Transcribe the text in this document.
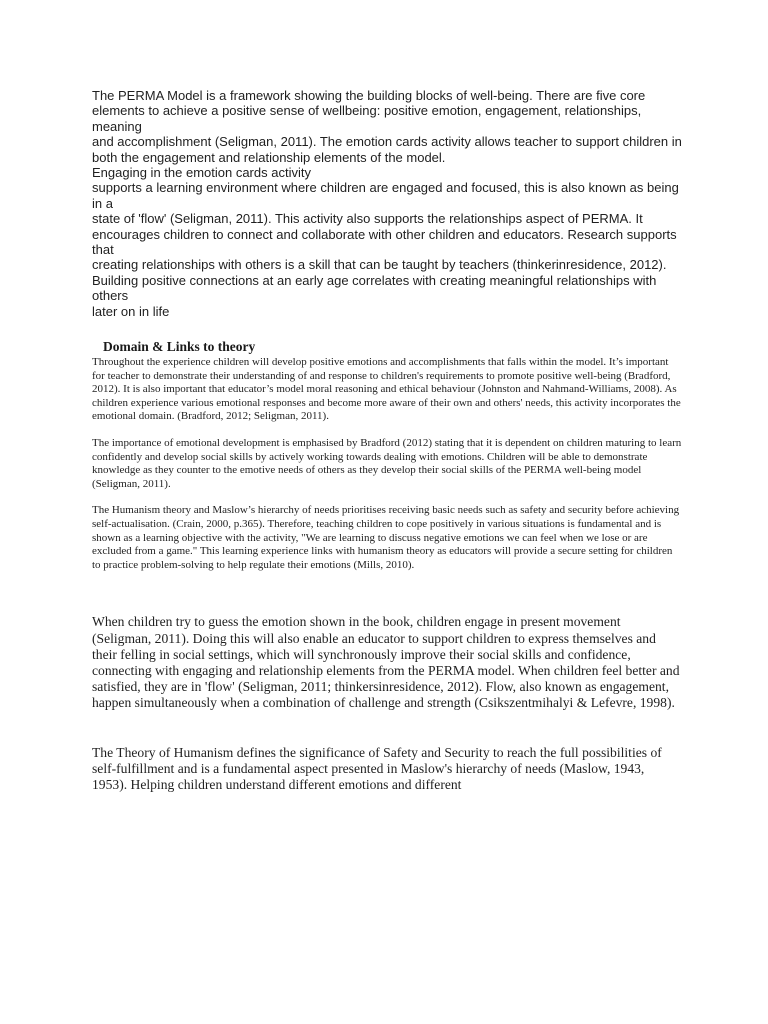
The PERMA Model is a framework showing the building blocks of well-being. There are five core
elements to achieve a positive sense of wellbeing: positive emotion, engagement, relationships, meaning
and accomplishment (Seligman, 2011). The emotion cards activity allows teacher to support children in
both the engagement and relationship elements of the model.
Engaging in the emotion cards activity
supports a learning environment where children are engaged and focused, this is also known as being in a
state of 'flow' (Seligman, 2011). This activity also supports the relationships aspect of PERMA. It
encourages children to connect and collaborate with other children and educators. Research supports that
creating relationships with others is a skill that can be taught by teachers (thinkerinresidence, 2012).
Building positive connections at an early age correlates with creating meaningful relationships with others
later on in life
Domain & Links to theory

Throughout the experience children will develop positive emotions and accomplishments that falls within the model. It’s important for teacher to demonstrate their understanding of and response to children's requirements to promote positive well-being (Bradford, 2012). It is also important that educator’s model moral reasoning and ethical behaviour (Johnston and Nahmand-Williams, 2008). As children experience various emotional responses and become more aware of their own and others' needs, this activity incorporates the emotional domain. (Bradford, 2012; Seligman, 2011).

The importance of emotional development is emphasised by Bradford (2012) stating that it is dependent on children maturing to learn confidently and develop social skills by actively working towards dealing with emotions. Children will be able to demonstrate knowledge as they counter to the emotive needs of others as they develop their social skills of the PERMA well-being model (Seligman, 2011).

The Humanism theory and Maslow’s hierarchy of needs prioritises receiving basic needs such as safety and security before achieving self-actualisation. (Crain, 2000, p.365). Therefore, teaching children to cope positively in various situations is fundamental and is shown as a learning objective with the activity, "We are learning to discuss negative emotions we can feel when we lose or are excluded from a game." This learning experience links with humanism theory as educators will provide a secure setting for children to practice problem-solving to help regulate their emotions (Mills, 2010).

When children try to guess the emotion shown in the book, children engage in present movement (Seligman, 2011). Doing this will also enable an educator to support children to express themselves and their felling in social settings, which will synchronously improve their social skills and confidence, connecting with engaging and relationship elements from the PERMA model. When children feel better and satisfied, they are in 'flow' (Seligman, 2011; thinkersinresidence, 2012). Flow, also known as engagement, happen simultaneously when a combination of challenge and strength (Csikszentmihalyi & Lefevre, 1998).

The Theory of Humanism defines the significance of Safety and Security to reach the full possibilities of self-fulfillment and is a fundamental aspect presented in Maslow's hierarchy of needs (Maslow, 1943, 1953). Helping children understand different emotions and different
